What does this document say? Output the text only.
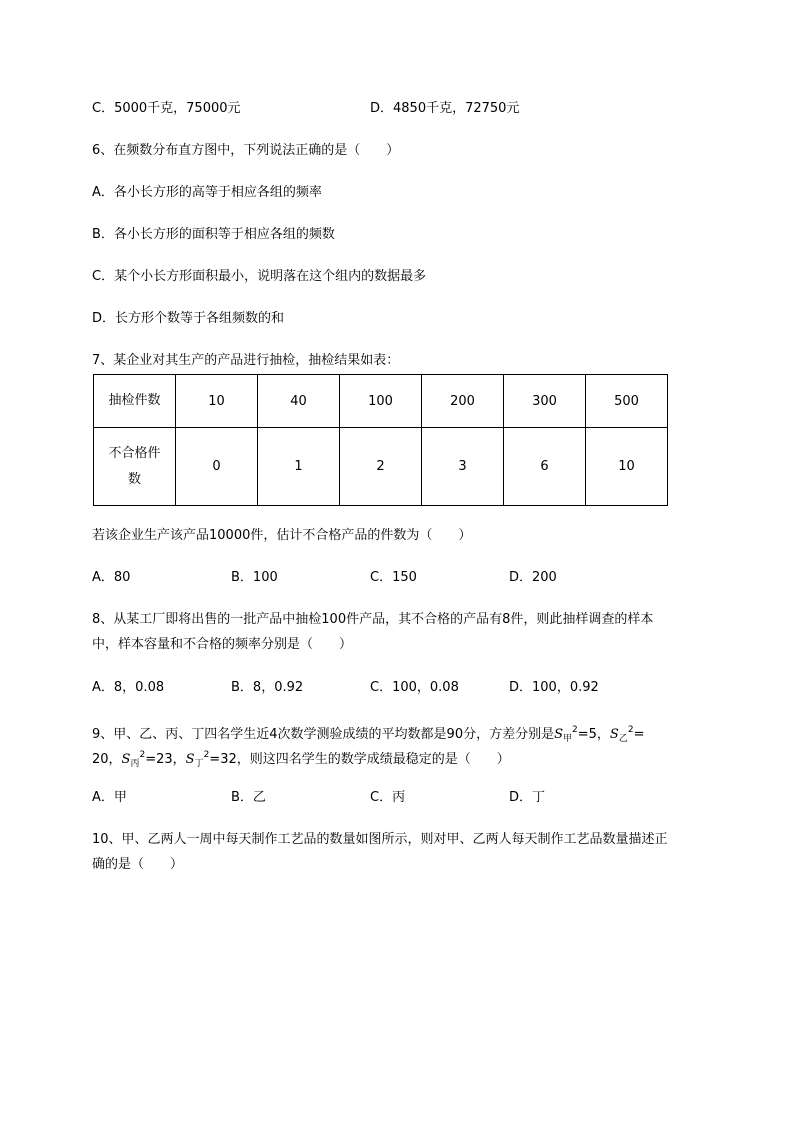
C．5000千克，75000元	D．4850千克，72750元
6、在频数分布直方图中，下列说法正确的是（　　）
A．各小长方形的高等于相应各组的频率
B．各小长方形的面积等于相应各组的频数
C．某个小长方形面积最小，说明落在这个组内的数据最多
D．长方形个数等于各组频数的和
7、某企业对其生产的产品进行抽检，抽检结果如表：
抽检件数	10	40	100	200	300	500

不合格件
数	0	1	2	3	6	10
若该企业生产该产品10000件，估计不合格产品的件数为（　　）
A．80	B．100	C．150	D．200
8、从某工厂即将出售的一批产品中抽检100件产品，其不合格的产品有8件，则此抽样调查的样本
中，样本容量和不合格的频率分别是（　　）
A．8，0.08	B．8，0.92	C．100，0.08	D．100，0.92
9、甲、乙、丙、丁四名学生近4次数学测验成绩的平均数都是90分，方差分别是$S_甲^2=5$，$S_乙^2=$
20，$S_丙^2=23$，$S_丁^2=32$，则这四名学生的数学成绩最稳定的是（　　）
A．甲	B．乙	C．丙	D．丁
10、甲、乙两人一周中每天制作工艺品的数量如图所示，则对甲、乙两人每天制作工艺品数量描述正
确的是（　　）
